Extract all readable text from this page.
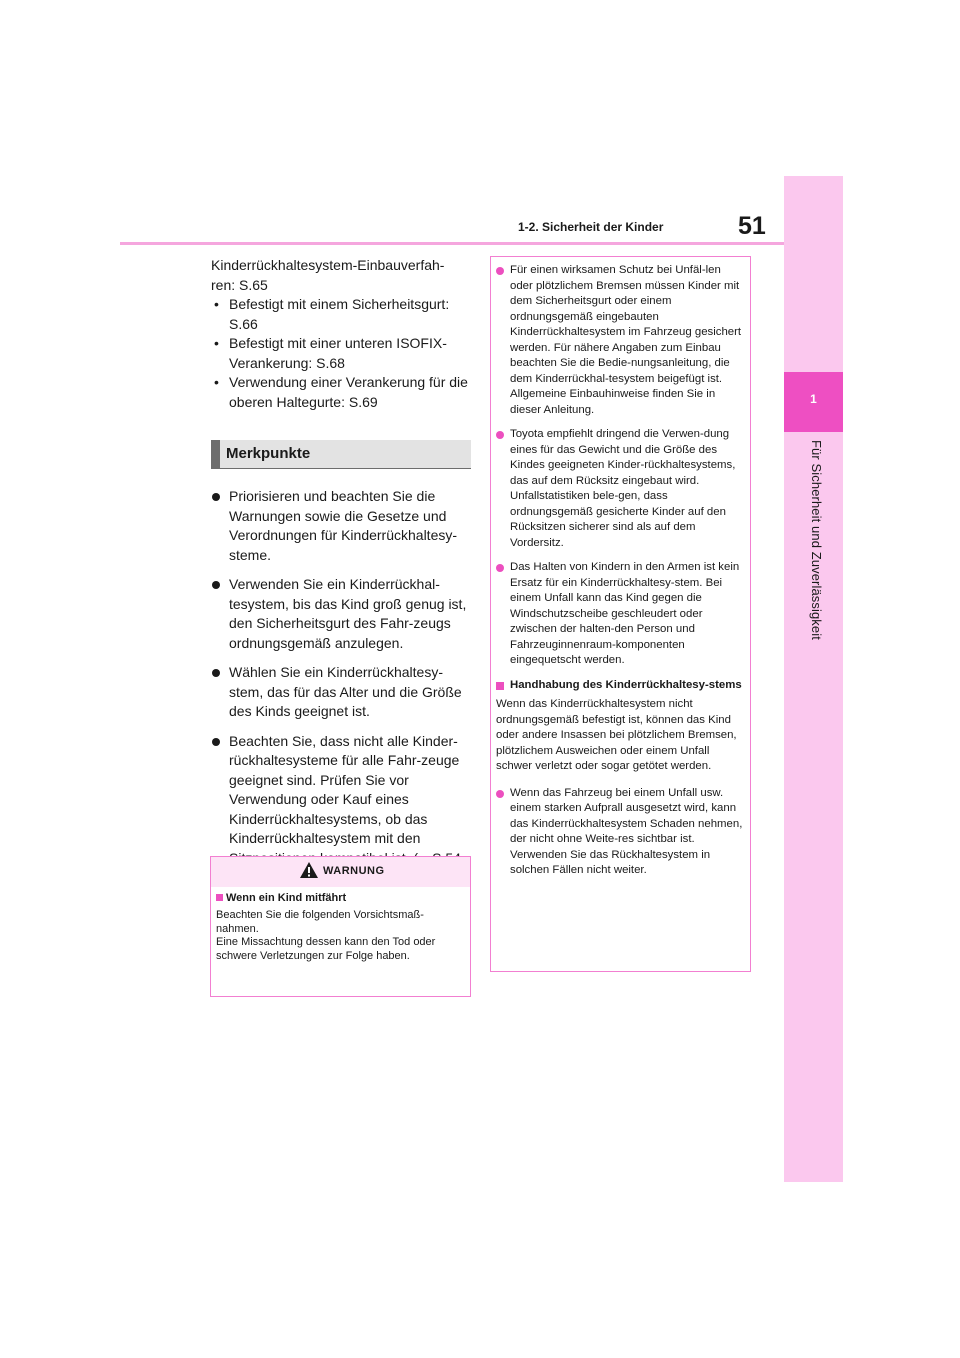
1
Für Sicherheit und Zuverlässigkeit
51
1-2. Sicherheit der Kinder

Kinderrückhaltesystem-Einbauverfah-

ren: S.65

• Befestigt mit einem Sicherheitsgurt: S.66

• Befestigt mit einer unteren ISOFIX-Verankerung: S.68

• Verwendung einer Verankerung für die oberen Haltegurte: S.69

Merkpunkte

Priorisieren und beachten Sie die Warnungen sowie die Gesetze und Verordnungen für Kinderrückhaltesy-steme.

Verwenden Sie ein Kinderrückhal-tesystem, bis das Kind groß genug ist, den Sicherheitsgurt des Fahr-zeugs ordnungsgemäß anzulegen.

Wählen Sie ein Kinderrückhaltesy-stem, das für das Alter und die Größe des Kinds geeignet ist.

Beachten Sie, dass nicht alle Kinder-rückhaltesysteme für alle Fahr-zeuge geeignet sind. Prüfen Sie vor Verwendung oder Kauf eines Kinderrückhaltesystems, ob das Kinderrückhaltesystem mit den

WARNUNG
Wenn ein Kind mitfährt

Beachten Sie die folgenden Vorsichtsmaß-nahmen.

Eine Missachtung dessen kann den Tod oder schwere Verletzungen zur Folge haben.

Für einen wirksamen Schutz bei Unfäl-len oder plötzlichem Bremsen müssen Kinder mit dem Sicherheitsgurt oder einem ordnungsgemäß eingebauten Kinderrückhaltesystem im Fahrzeug gesichert werden. Für nähere Angaben zum Einbau beachten Sie die Bedie-nungsanleitung, die dem Kinderrückhal-tesystem beigefügt ist. Allgemeine Einbauhinweise finden Sie in dieser Anleitung.

Toyota empfiehlt dringend die Verwen-dung eines für das Gewicht und die Größe des Kindes geeigneten Kinder-rückhaltesystems, das auf dem Rücksitz eingebaut wird. Unfallstatistiken bele-gen, dass ordnungsgemäß gesicherte Kinder auf den Rücksitzen sicherer sind als auf dem Vordersitz.

Das Halten von Kindern in den Armen ist kein Ersatz für ein Kinderrückhaltesy-stem. Bei einem Unfall kann das Kind gegen die Windschutzscheibe geschleudert oder zwischen der halten-den Person und Fahrzeuginnenraum-komponenten eingequetscht werden.

Handhabung des Kinderrückhaltesy-stems

Wenn das Kinderrückhaltesystem nicht ordnungsgemäß befestigt ist, können das Kind oder andere Insassen bei plötzlichem Bremsen, plötzlichem Ausweichen oder einem Unfall schwer verletzt oder sogar getötet werden.

Wenn das Fahrzeug bei einem Unfall usw. einem starken Aufprall ausgesetzt wird, kann das Kinderrückhaltesystem Schaden nehmen, der nicht ohne Weite-res sichtbar ist. Verwenden Sie das Rückhaltesystem in solchen Fällen nicht weiter.
